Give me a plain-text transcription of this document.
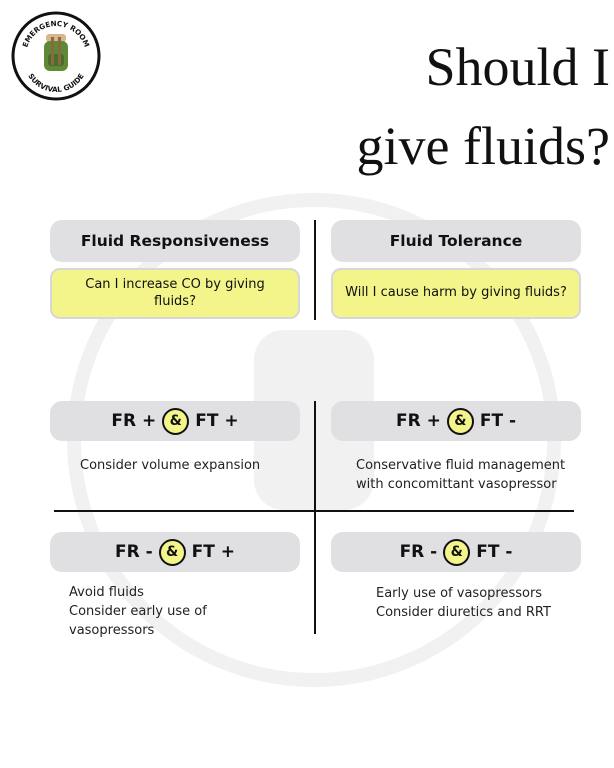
EMERGENCY ROOM
SURVIVAL GUIDE	Should I
give fluids?
Fluid Responsiveness	Fluid Tolerance
Can I increase CO by giving fluids?
Will I cause harm by giving fluids?
FR + & FT +
Consider volume expansion
FR + & FT -
Conservative fluid management
with concomittant vasopressor
FR - & FT +
Avoid fluids
Consider early use of
vasopressors
FR - & FT -
Early use of vasopressors
Consider diuretics and RRT
